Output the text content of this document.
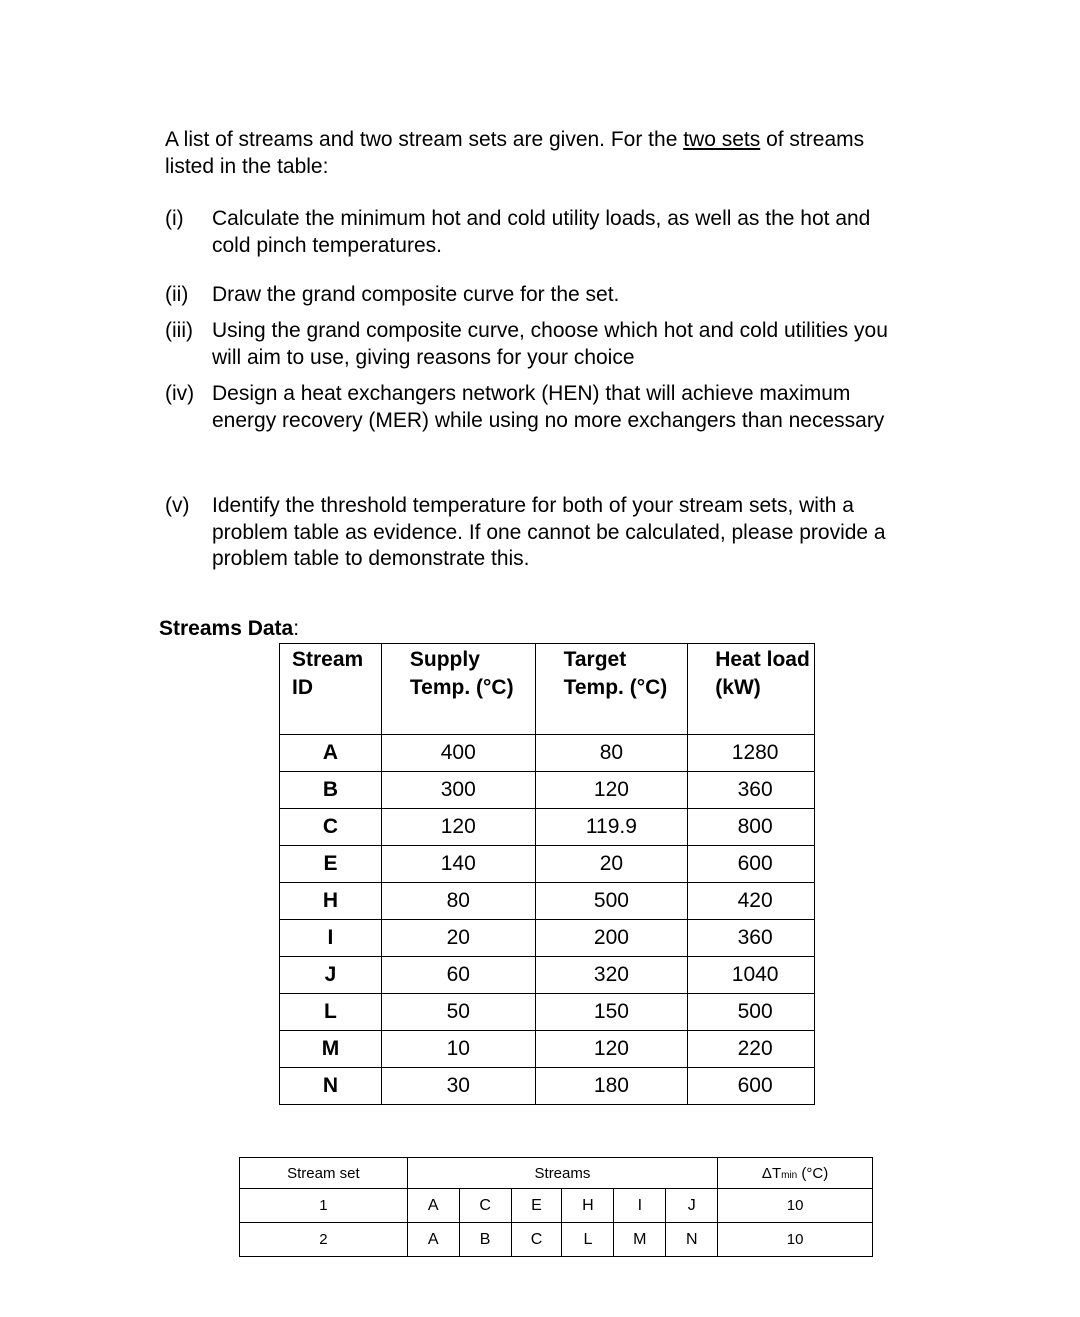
A list of streams and two stream sets are given. For the two sets of streams listed in the table:
(i) Calculate the minimum hot and cold utility loads, as well as the hot and cold pinch temperatures.
(ii) Draw the grand composite curve for the set.
(iii) Using the grand composite curve, choose which hot and cold utilities you will aim to use, giving reasons for your choice
(iv) Design a heat exchangers network (HEN) that will achieve maximum energy recovery (MER) while using no more exchangers than necessary
(v) Identify the threshold temperature for both of your stream sets, with a problem table as evidence. If one cannot be calculated, please provide a problem table to demonstrate this.
Streams Data:
Stream ID	Supply Temp. (°C)	Target Temp. (°C)	Heat load (kW)
A	400	80	1280
B	300	120	360
C	120	119.9	800
E	140	20	600
H	80	500	420
I	20	200	360
J	60	320	1040
L	50	150	500
M	10	120	220
N	30	180	600
Stream set	Streams						ΔTmin (°C)
1	A	C	E	H	I	J	10
2	A	B	C	L	M	N	10
